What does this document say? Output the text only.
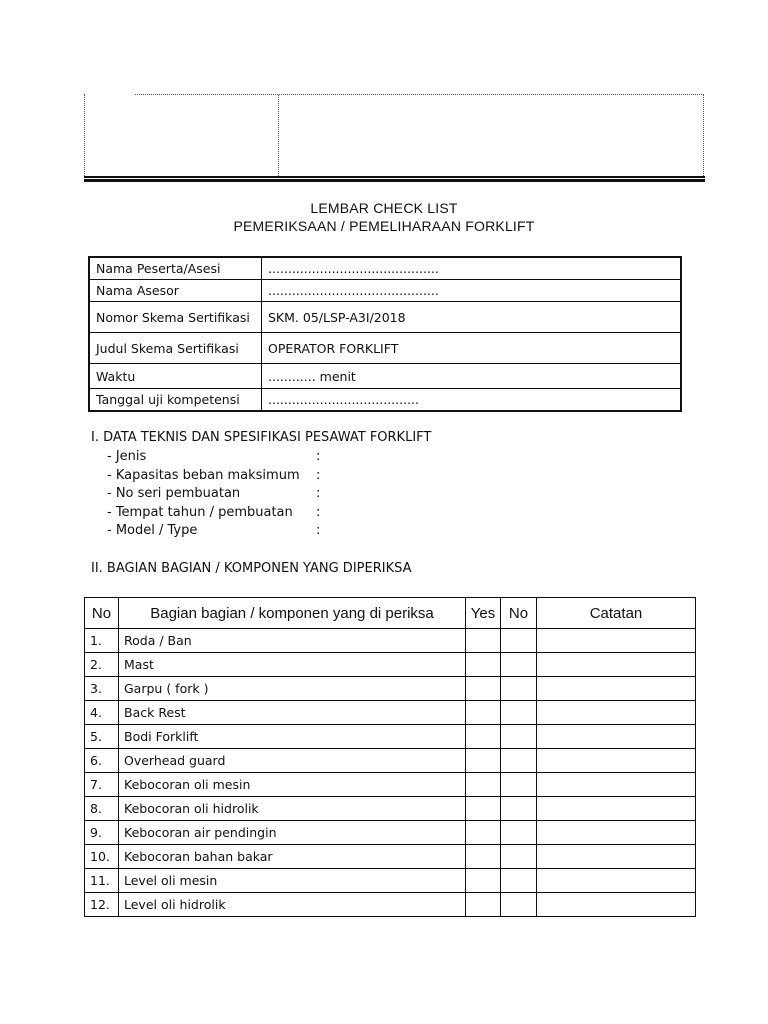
LEMBAR CHECK LIST
PEMERIKSAAN / PEMELIHARAAN FORKLIFT
Nama Peserta/Asesi	...........................................
Nama Asesor	...........................................
Nomor Skema Sertifikasi	SKM. 05/LSP-A3I/2018
Judul Skema Sertifikasi	OPERATOR FORKLIFT
Waktu	............ menit
Tanggal uji kompetensi	......................................
I. DATA TEKNIS DAN SPESIFIKASI PESAWAT FORKLIFT
- Jenis	:
- Kapasitas beban maksimum :
- No seri pembuatan	:
- Tempat tahun / pembuatan :
- Model / Type	:
II. BAGIAN BAGIAN / KOMPONEN YANG DIPERIKSA
No	Bagian bagian / komponen yang di periksa	Yes	No	Catatan
1.	Roda / Ban			
2.	Mast			
3.	Garpu ( fork )			
4.	Back Rest			
5.	Bodi Forklift			
6.	Overhead guard			
7.	Kebocoran oli mesin			
8.	Kebocoran oli hidrolik			
9.	Kebocoran air pendingin			
10.	Kebocoran bahan bakar			
11.	Level oli mesin			
12.	Level oli hidrolik			
